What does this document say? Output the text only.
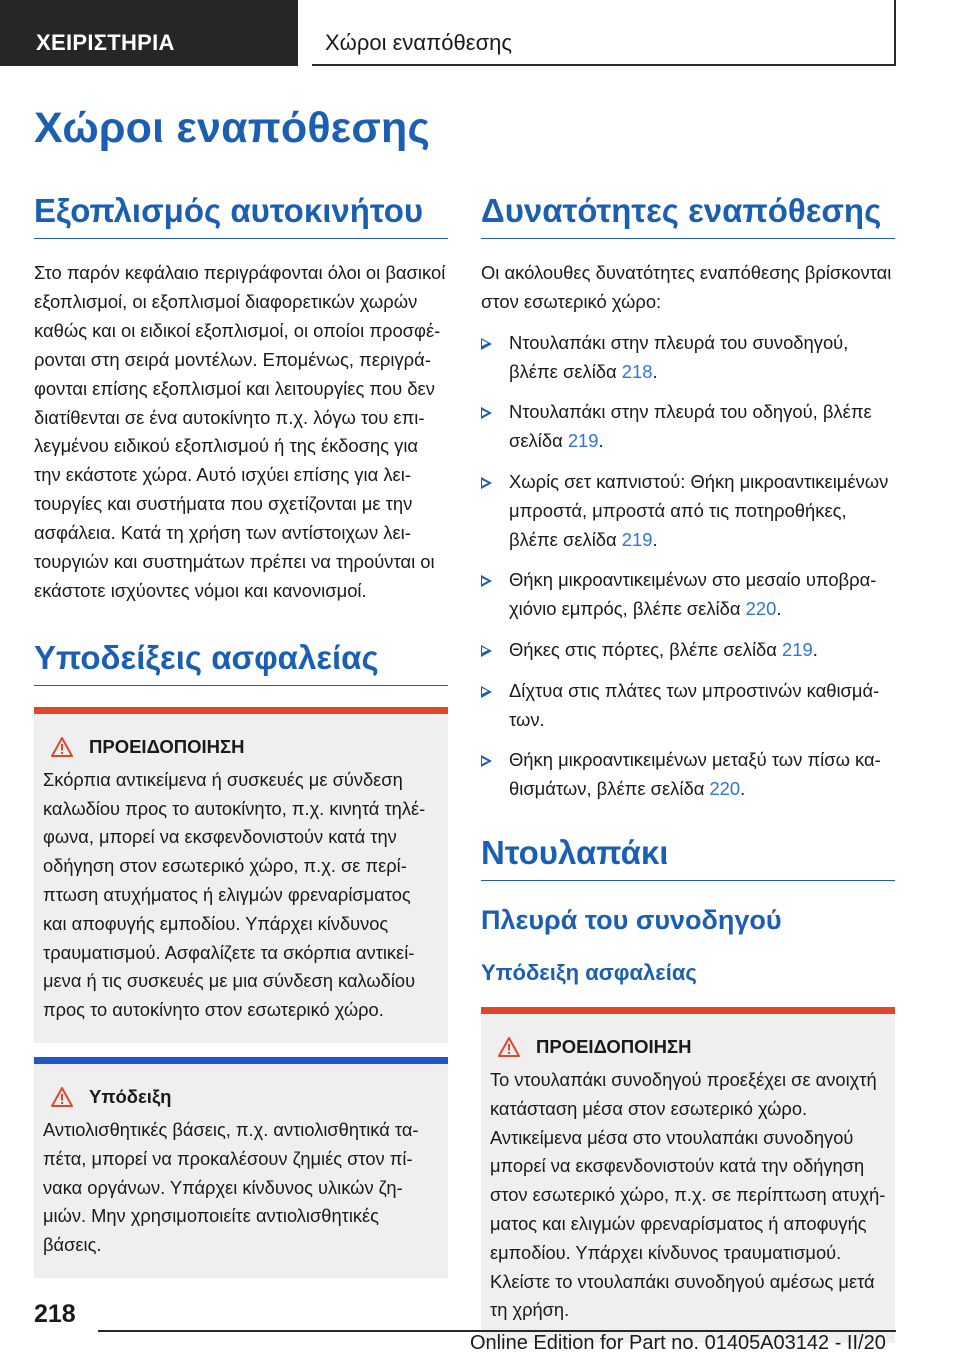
ΧΕΙΡΙΣΤΗΡΙΑ	Χώροι εναπόθεσης
Χώροι εναπόθεσης
Εξοπλισμός αυτοκινήτου

Στο παρόν κεφάλαιο περιγράφονται όλοι οι βασικοί εξοπλισμοί, οι εξοπλισμοί διαφορετικών χωρών καθώς και οι ειδικοί εξοπλισμοί, οι οποίοι προσφέρονται στη σειρά μοντέλων. Επομένως, περιγράφονται επίσης εξοπλισμοί και λειτουργίες που δεν διατίθενται σε ένα αυτοκίνητο π.χ. λόγω του επιλεγμένου ειδικού εξοπλισμού ή της έκδοσης για την εκάστοτε χώρα. Αυτό ισχύει επίσης για λειτουργίες και συστήματα που σχετίζονται με την ασφάλεια. Κατά τη χρήση των αντίστοιχων λειτουργιών και συστημάτων πρέπει να τηρούνται οι εκάστοτε ισχύοντες νόμοι και κανονισμοί.

Υποδείξεις ασφαλείας
ΠΡΟΕΙΔΟΠΟΙΗΣΗ

Σκόρπια αντικείμενα ή συσκευές με σύνδεση καλωδίου προς το αυτοκίνητο, π.χ. κινητά τηλέφωνα, μπορεί να εκσφενδονιστούν κατά την οδήγηση στον εσωτερικό χώρο, π.χ. σε περίπτωση ατυχήματος ή ελιγμών φρεναρίσματος και αποφυγής εμποδίου. Υπάρχει κίνδυνος τραυματισμού. Ασφαλίζετε τα σκόρπια αντικείμενα ή τις συσκευές με μια σύνδεση καλωδίου προς το αυτοκίνητο στον εσωτερικό χώρο.

Υπόδειξη

Αντιολισθητικές βάσεις, π.χ. αντιολισθητικά ταπέτα, μπορεί να προκαλέσουν ζημιές στον πίνακα οργάνων. Υπάρχει κίνδυνος υλικών ζημιών. Μην χρησιμοποιείτε αντιολισθητικές βάσεις.

Δυνατότητες εναπόθεσης

Οι ακόλουθες δυνατότητες εναπόθεσης βρίσκονται στον εσωτερικό χώρο:

Ντουλαπάκι στην πλευρά του συνοδηγού, βλέπε σελίδα 218.
Ντουλαπάκι στην πλευρά του οδηγού, βλέπε σελίδα 219.
Χωρίς σετ καπνιστού: Θήκη μικροαντικειμένων μπροστά, μπροστά από τις ποτηροθήκες, βλέπε σελίδα 219.
Θήκη μικροαντικειμένων στο μεσαίο υποβραχιόνιο εμπρός, βλέπε σελίδα 220.
Θήκες στις πόρτες, βλέπε σελίδα 219.
Δίχτυα στις πλάτες των μπροστινών καθισμάτων.
Θήκη μικροαντικειμένων μεταξύ των πίσω καθισμάτων, βλέπε σελίδα 220.
Ντουλαπάκι
Πλευρά του συνοδηγού
Υπόδειξη ασφαλείας
ΠΡΟΕΙΔΟΠΟΙΗΣΗ

Το ντουλαπάκι συνοδηγού προεξέχει σε ανοιχτή κατάσταση μέσα στον εσωτερικό χώρο. Αντικείμενα μέσα στο ντουλαπάκι συνοδηγού μπορεί να εκσφενδονιστούν κατά την οδήγηση στον εσωτερικό χώρο, π.χ. σε περίπτωση ατυχήματος και ελιγμών φρεναρίσματος ή αποφυγής εμποδίου. Υπάρχει κίνδυνος τραυματισμού. Κλείστε το ντουλαπάκι συνοδηγού αμέσως μετά τη χρήση.

218
Online Edition for Part no. 01405A03142 - II/20
